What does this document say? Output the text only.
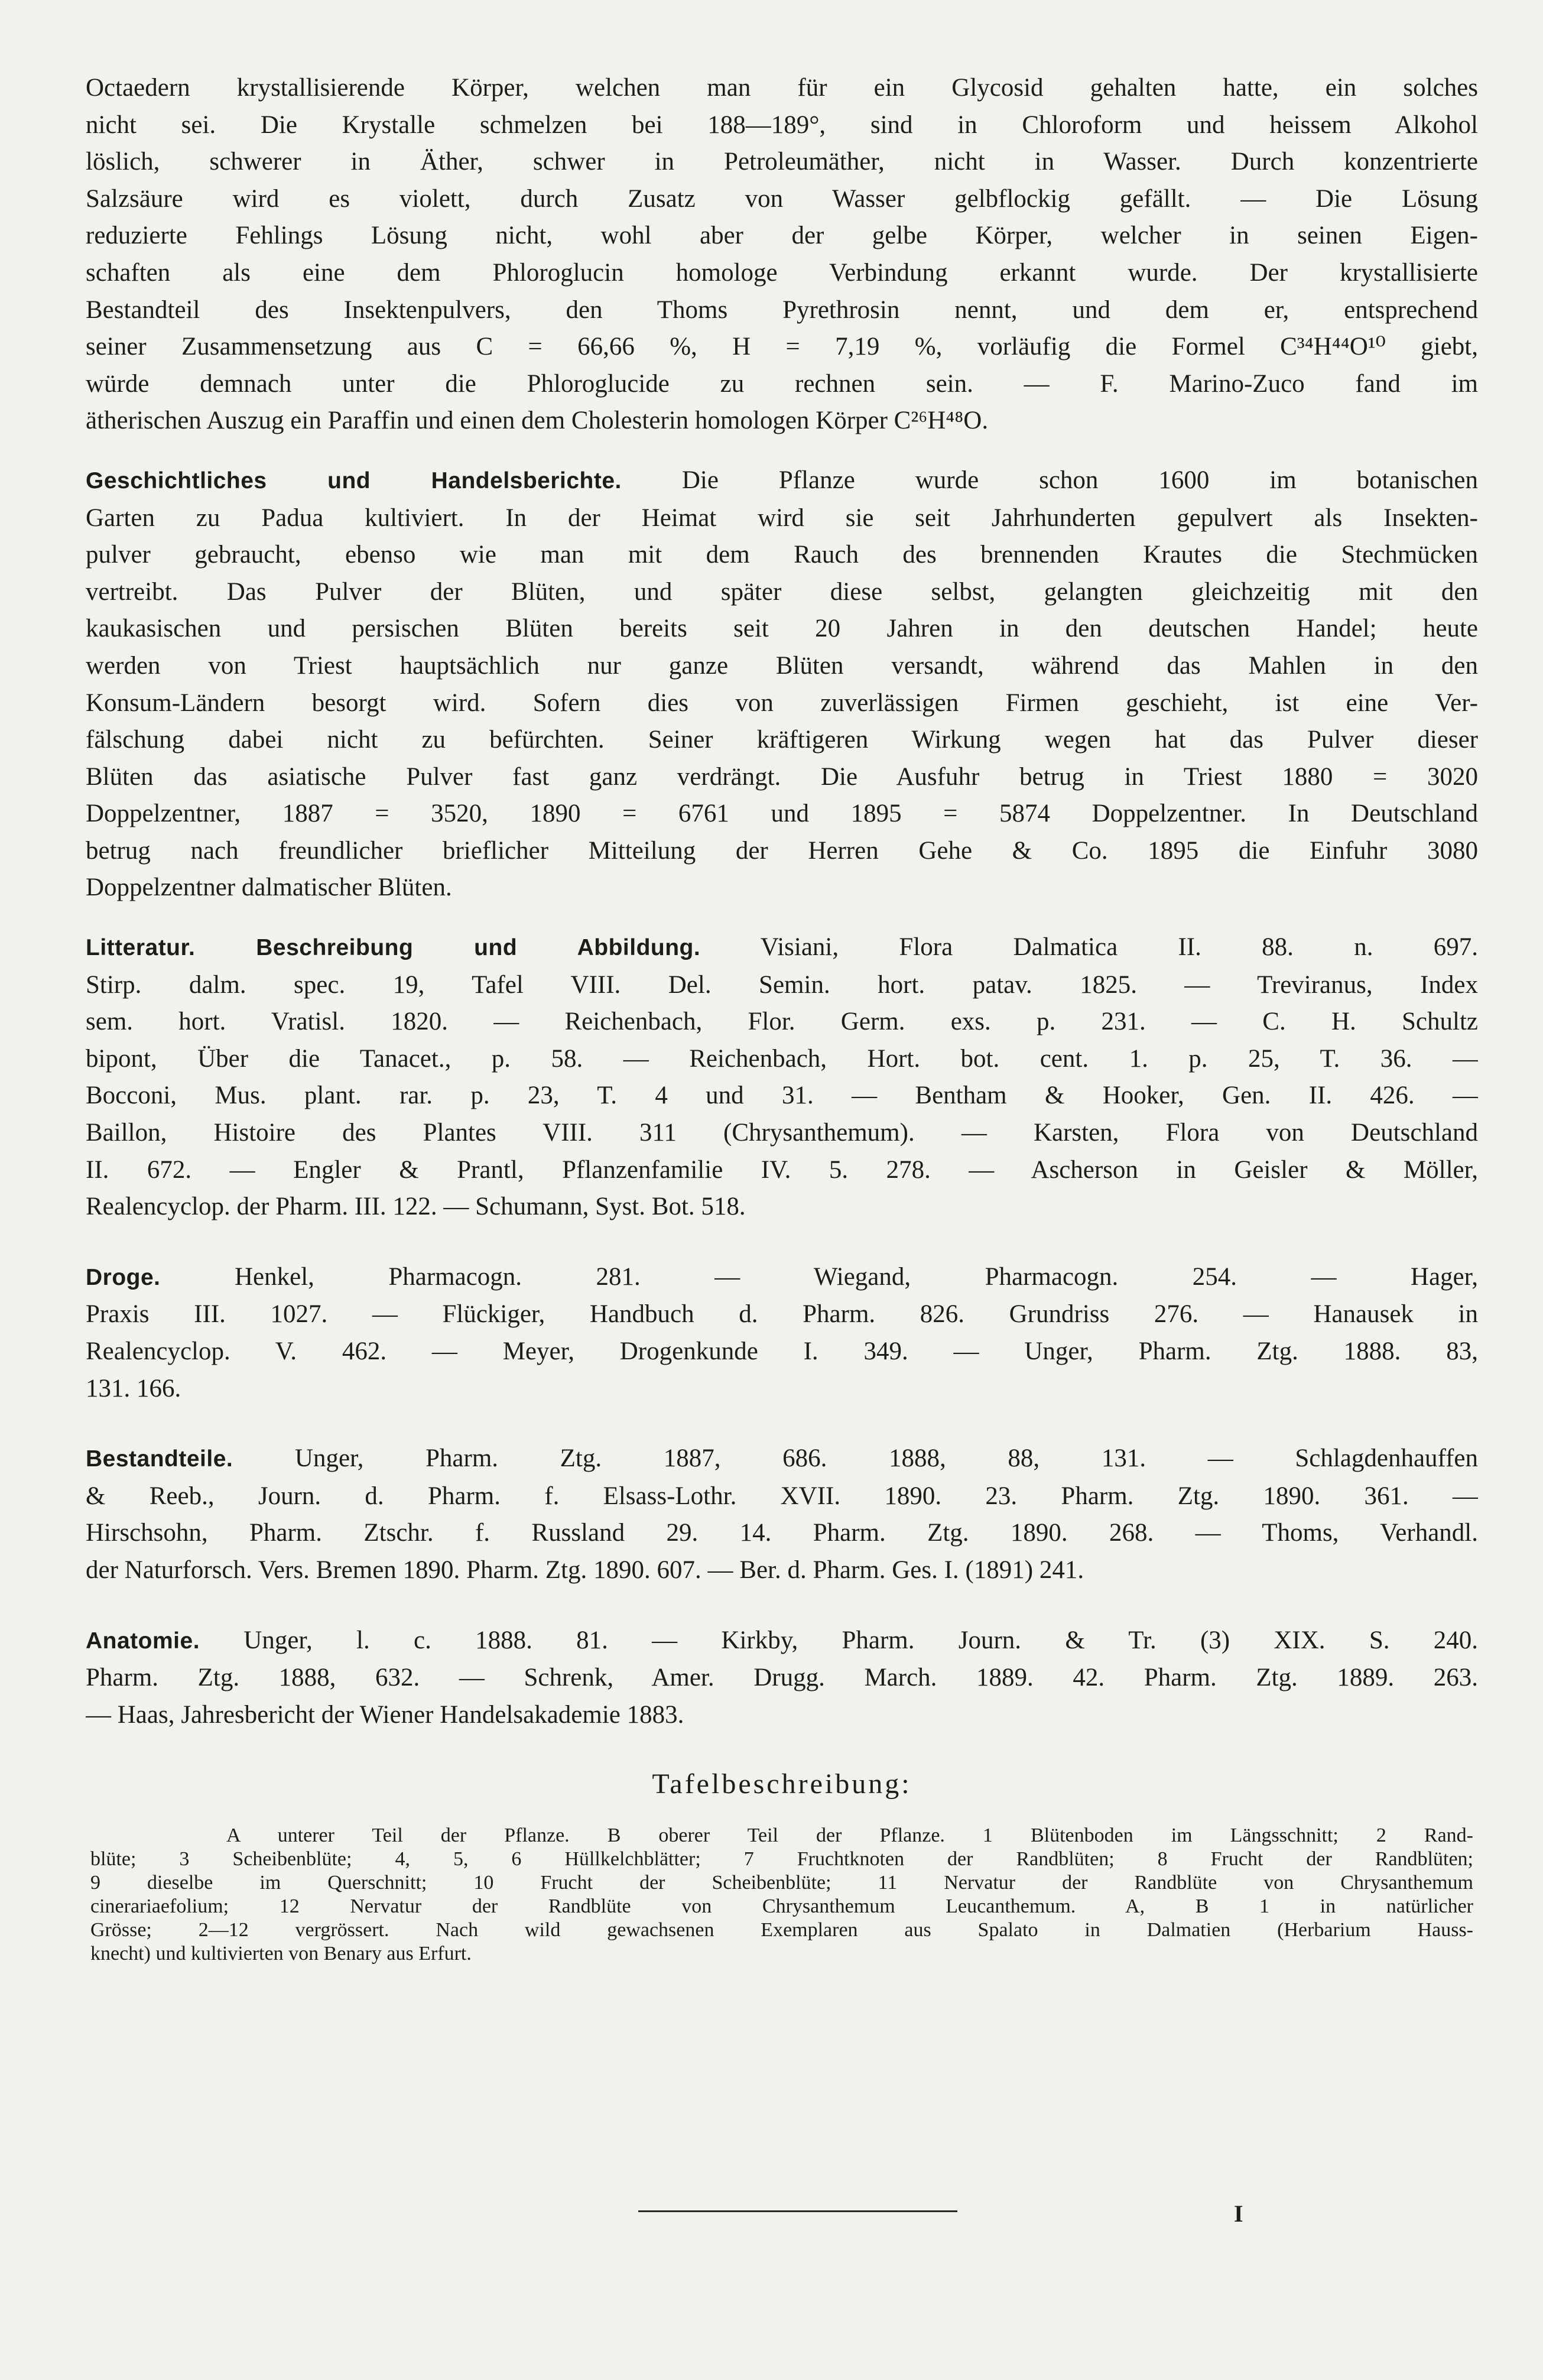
Octaedern krystallisierende Körper, welchen man für ein Glycosid gehalten hatte, ein solches
nicht sei. Die Krystalle schmelzen bei 188—189°, sind in Chloroform und heissem Alkohol
löslich, schwerer in Äther, schwer in Petroleumäther, nicht in Wasser. Durch konzentrierte
Salzsäure wird es violett, durch Zusatz von Wasser gelbflockig gefällt. — Die Lösung
reduzierte Fehlings Lösung nicht, wohl aber der gelbe Körper, welcher in seinen Eigen-
schaften als eine dem Phloroglucin homologe Verbindung erkannt wurde. Der krystallisierte
Bestandteil des Insektenpulvers, den Thoms Pyrethrosin nennt, und dem er, entsprechend
seiner Zusammensetzung aus C = 66,66 %, H = 7,19 %, vorläufig die Formel C³⁴H⁴⁴O¹⁰ giebt,
würde demnach unter die Phloroglucide zu rechnen sein. — F. Marino-Zuco fand im
ätherischen Auszug ein Paraffin und einen dem Cholesterin homologen Körper C²⁶H⁴⁸O.
Geschichtliches und Handelsberichte. Die Pflanze wurde schon 1600 im botanischen
Garten zu Padua kultiviert. In der Heimat wird sie seit Jahrhunderten gepulvert als Insekten-
pulver gebraucht, ebenso wie man mit dem Rauch des brennenden Krautes die Stechmücken
vertreibt. Das Pulver der Blüten, und später diese selbst, gelangten gleichzeitig mit den
kaukasischen und persischen Blüten bereits seit 20 Jahren in den deutschen Handel; heute
werden von Triest hauptsächlich nur ganze Blüten versandt, während das Mahlen in den
Konsum-Ländern besorgt wird. Sofern dies von zuverlässigen Firmen geschieht, ist eine Ver-
fälschung dabei nicht zu befürchten. Seiner kräftigeren Wirkung wegen hat das Pulver dieser
Blüten das asiatische Pulver fast ganz verdrängt. Die Ausfuhr betrug in Triest 1880 = 3020
Doppelzentner, 1887 = 3520, 1890 = 6761 und 1895 = 5874 Doppelzentner. In Deutschland
betrug nach freundlicher brieflicher Mitteilung der Herren Gehe & Co. 1895 die Einfuhr 3080
Doppelzentner dalmatischer Blüten.
Litteratur. Beschreibung und Abbildung. Visiani, Flora Dalmatica II. 88. n. 697.
Stirp. dalm. spec. 19, Tafel VIII. Del. Semin. hort. patav. 1825. — Treviranus, Index
sem. hort. Vratisl. 1820. — Reichenbach, Flor. Germ. exs. p. 231. — C. H. Schultz
bipont, Über die Tanacet., p. 58. — Reichenbach, Hort. bot. cent. 1. p. 25, T. 36. —
Bocconi, Mus. plant. rar. p. 23, T. 4 und 31. — Bentham & Hooker, Gen. II. 426. —
Baillon, Histoire des Plantes VIII. 311 (Chrysanthemum). — Karsten, Flora von Deutschland
II. 672. — Engler & Prantl, Pflanzenfamilie IV. 5. 278. — Ascherson in Geisler & Möller,
Realencyclop. der Pharm. III. 122. — Schumann, Syst. Bot. 518.
Droge. Henkel, Pharmacogn. 281. — Wiegand, Pharmacogn. 254. — Hager,
Praxis III. 1027. — Flückiger, Handbuch d. Pharm. 826. Grundriss 276. — Hanausek in
Realencyclop. V. 462. — Meyer, Drogenkunde I. 349. — Unger, Pharm. Ztg. 1888. 83,
131. 166.
Bestandteile. Unger, Pharm. Ztg. 1887, 686. 1888, 88, 131. — Schlagdenhauffen
& Reeb., Journ. d. Pharm. f. Elsass-Lothr. XVII. 1890. 23. Pharm. Ztg. 1890. 361. —
Hirschsohn, Pharm. Ztschr. f. Russland 29. 14. Pharm. Ztg. 1890. 268. — Thoms, Verhandl.
der Naturforsch. Vers. Bremen 1890. Pharm. Ztg. 1890. 607. — Ber. d. Pharm. Ges. I. (1891) 241.
Anatomie. Unger, l. c. 1888. 81. — Kirkby, Pharm. Journ. & Tr. (3) XIX. S. 240.
Pharm. Ztg. 1888, 632. — Schrenk, Amer. Drugg. March. 1889. 42. Pharm. Ztg. 1889. 263.
— Haas, Jahresbericht der Wiener Handelsakademie 1883.
Tafelbeschreibung:
A unterer Teil der Pflanze. B oberer Teil der Pflanze. 1 Blütenboden im Längsschnitt; 2 Rand-
blüte; 3 Scheibenblüte; 4, 5, 6 Hüllkelchblätter; 7 Fruchtknoten der Randblüten; 8 Frucht der Randblüten;
9 dieselbe im Querschnitt; 10 Frucht der Scheibenblüte; 11 Nervatur der Randblüte von Chrysanthemum
cinerariaefolium; 12 Nervatur der Randblüte von Chrysanthemum Leucanthemum. A, B 1 in natürlicher
Grösse; 2—12 vergrössert. Nach wild gewachsenen Exemplaren aus Spalato in Dalmatien (Herbarium Hauss-
knecht) und kultivierten von Benary aus Erfurt.
I
